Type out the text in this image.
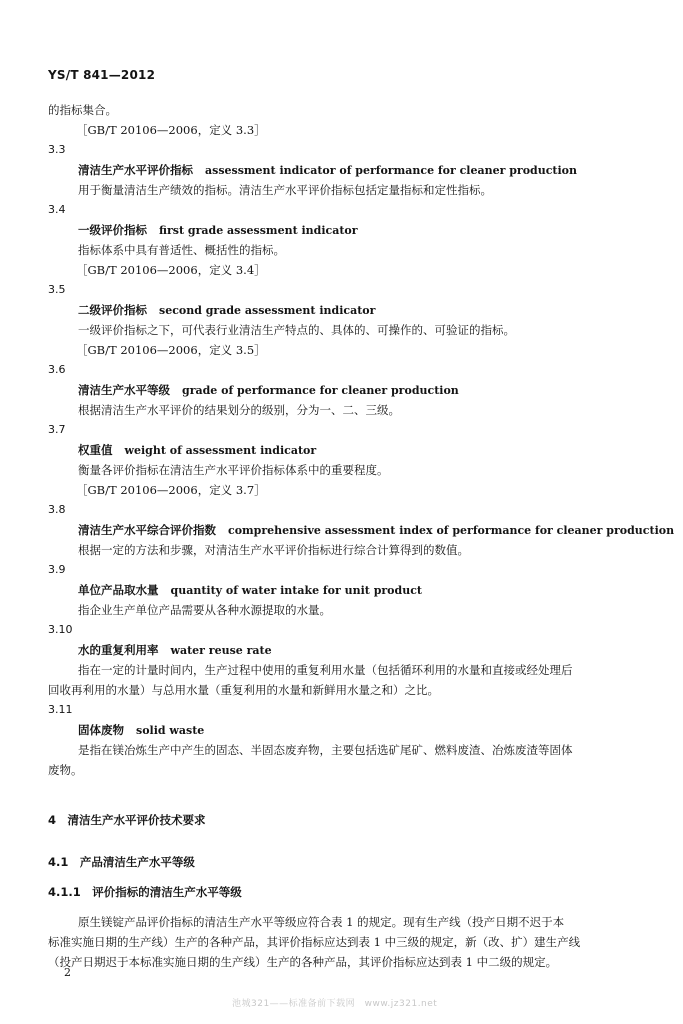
YS/T 841—2012
的指标集合。
［GB/T 20106—2006，定义 3.3］
3.3
清洁生产水平评价指标 assessment indicator of performance for cleaner production
用于衡量清洁生产绩效的指标。清洁生产水平评价指标包括定量指标和定性指标。
3.4
一级评价指标 first grade assessment indicator
指标体系中具有普适性、概括性的指标。
［GB/T 20106—2006，定义 3.4］
3.5
二级评价指标 second grade assessment indicator
一级评价指标之下，可代表行业清洁生产特点的、具体的、可操作的、可验证的指标。
［GB/T 20106—2006，定义 3.5］
3.6
清洁生产水平等级 grade of performance for cleaner production
根据清洁生产水平评价的结果划分的级别，分为一、二、三级。
3.7
权重值 weight of assessment indicator
衡量各评价指标在清洁生产水平评价指标体系中的重要程度。
［GB/T 20106—2006，定义 3.7］
3.8
清洁生产水平综合评价指数 comprehensive assessment index of performance for cleaner production
根据一定的方法和步骤，对清洁生产水平评价指标进行综合计算得到的数值。
3.9
单位产品取水量 quantity of water intake for unit product
指企业生产单位产品需要从各种水源提取的水量。
3.10
水的重复利用率 water reuse rate
指在一定的计量时间内，生产过程中使用的重复利用水量（包括循环利用的水量和直接或经处理后
回收再利用的水量）与总用水量（重复利用的水量和新鲜用水量之和）之比。
3.11
固体废物 solid waste
是指在镁冶炼生产中产生的固态、半固态废弃物，主要包括选矿尾矿、燃料废渣、冶炼废渣等固体
废物。
4　清洁生产水平评价技术要求
4.1　产品清洁生产水平等级
4.1.1　评价指标的清洁生产水平等级
原生镁锭产品评价指标的清洁生产水平等级应符合表 1 的规定。现有生产线（投产日期不迟于本
标准实施日期的生产线）生产的各种产品，其评价指标应达到表 1 中三级的规定，新（改、扩）建生产线
（投产日期迟于本标准实施日期的生产线）生产的各种产品，其评价指标应达到表 1 中二级的规定。
2
池城321——标准备前下载网　www.jz321.net
